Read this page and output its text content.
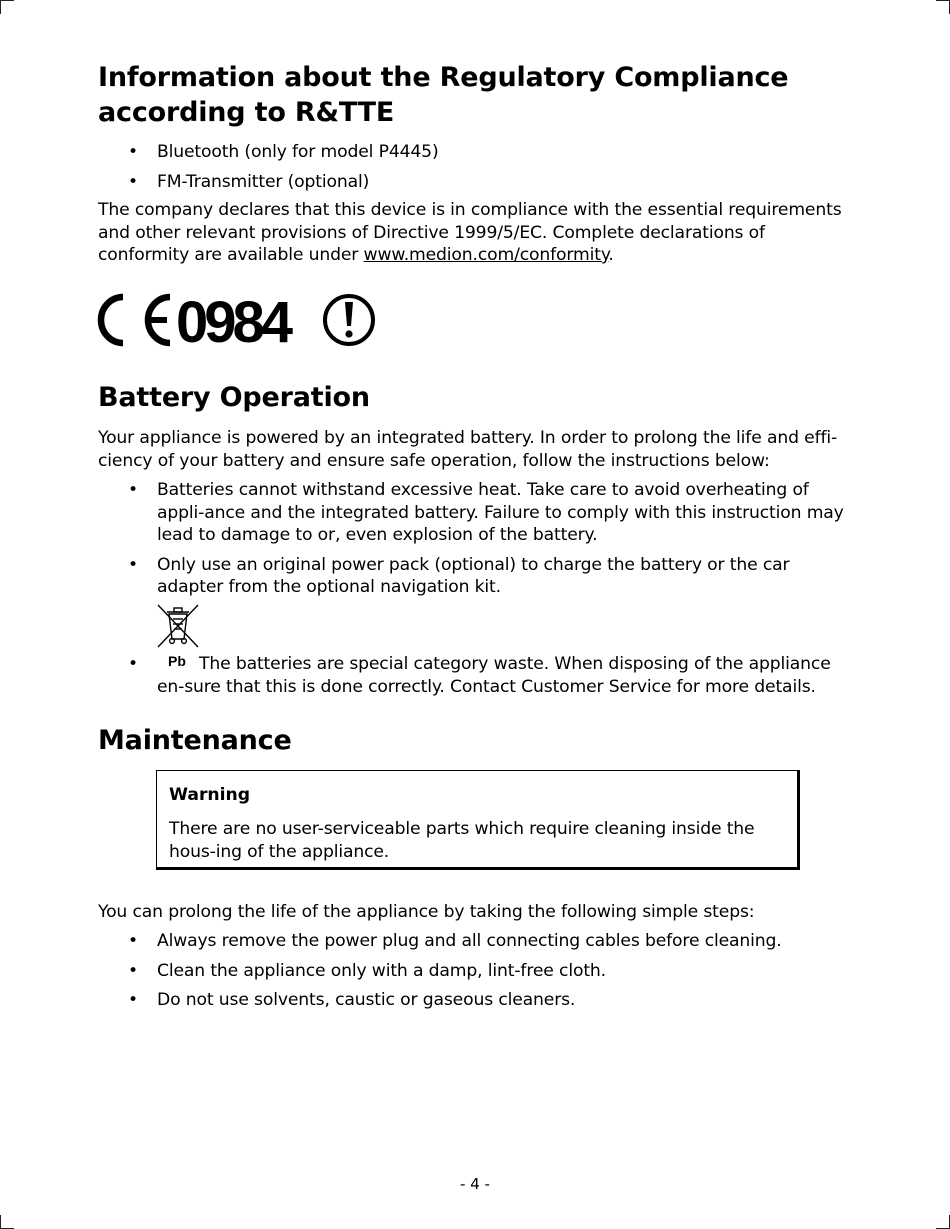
Information about the Regulatory Compliance according to R&TTE
• Bluetooth (only for model P4445)
• FM-Transmitter (optional)

The company declares that this device is in compliance with the essential requirements and other relevant provisions of Directive 1999/5/EC. Complete declarations of conformity are available under www.medion.com/conformity.

0984
Battery Operation

Your appliance is powered by an integrated battery. In order to prolong the life and effi-ciency of your battery and ensure safe operation, follow the instructions below:

• Batteries cannot withstand excessive heat. Take care to avoid overheating of appli-ance and the integrated battery. Failure to comply with this instruction may lead to damage to or, even explosion of the battery.
• Only use an original power pack (optional) to charge the battery or the car adapter from the optional navigation kit.
•	The batteries are special category waste. When disposing of the appliance en-sure that this is done correctly. Contact Customer Service for more details.
Pb
Maintenance
Warning
There are no user-serviceable parts which require cleaning inside the hous-ing of the appliance.

You can prolong the life of the appliance by taking the following simple steps:

• Always remove the power plug and all connecting cables before cleaning.
• Clean the appliance only with a damp, lint-free cloth.
• Do not use solvents, caustic or gaseous cleaners.
- 4 -
